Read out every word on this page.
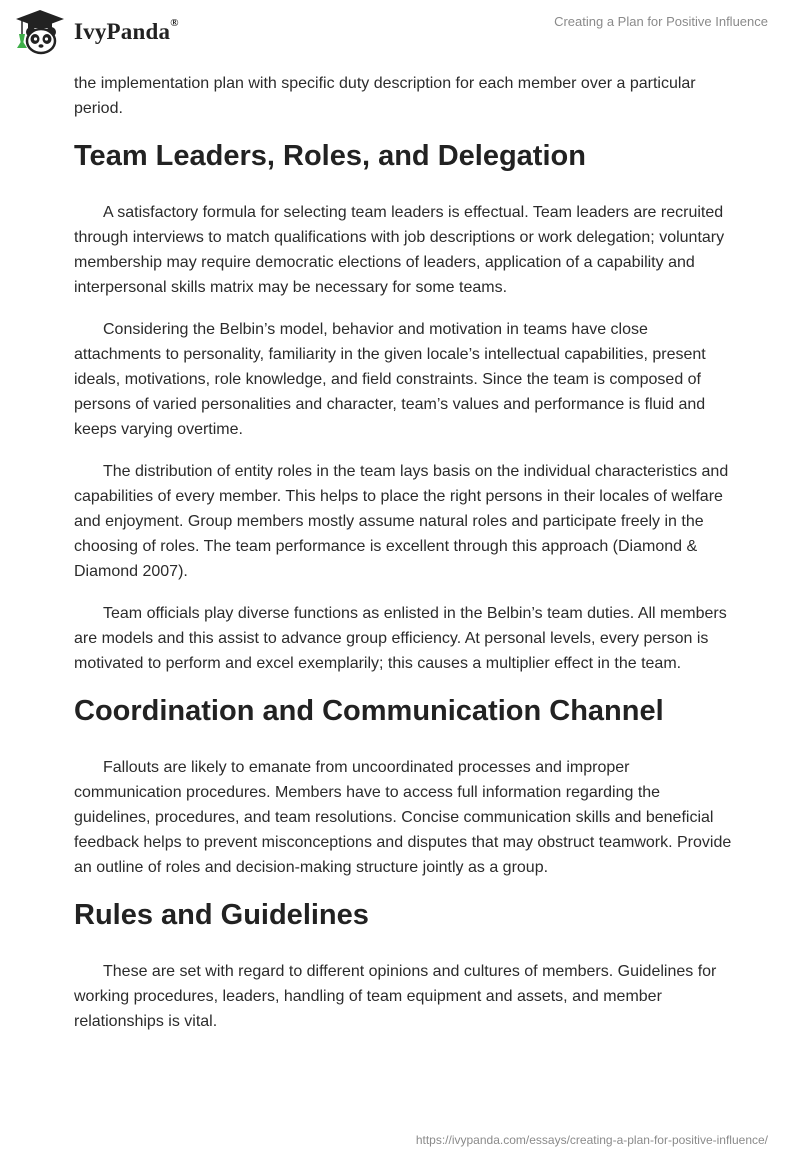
IvyPanda®	Creating a Plan for Positive Influence

the implementation plan with specific duty description for each member over a particular period.

Team Leaders, Roles, and Delegation

A satisfactory formula for selecting team leaders is effectual. Team leaders are recruited through interviews to match qualifications with job descriptions or work delegation; voluntary membership may require democratic elections of leaders, application of a capability and interpersonal skills matrix may be necessary for some teams.

Considering the Belbin’s model, behavior and motivation in teams have close attachments to personality, familiarity in the given locale’s intellectual capabilities, present ideals, motivations, role knowledge, and field constraints. Since the team is composed of persons of varied personalities and character, team’s values and performance is fluid and keeps varying overtime.

The distribution of entity roles in the team lays basis on the individual characteristics and capabilities of every member. This helps to place the right persons in their locales of welfare and enjoyment. Group members mostly assume natural roles and participate freely in the choosing of roles. The team performance is excellent through this approach (Diamond & Diamond 2007).

Team officials play diverse functions as enlisted in the Belbin’s team duties. All members are models and this assist to advance group efficiency. At personal levels, every person is motivated to perform and excel exemplarily; this causes a multiplier effect in the team.

Coordination and Communication Channel

Fallouts are likely to emanate from uncoordinated processes and improper communication procedures. Members have to access full information regarding the guidelines, procedures, and team resolutions. Concise communication skills and beneficial feedback helps to prevent misconceptions and disputes that may obstruct teamwork. Provide an outline of roles and decision-making structure jointly as a group.

Rules and Guidelines

These are set with regard to different opinions and cultures of members. Guidelines for working procedures, leaders, handling of team equipment and assets, and member relationships is vital.

https://ivypanda.com/essays/creating-a-plan-for-positive-influence/
